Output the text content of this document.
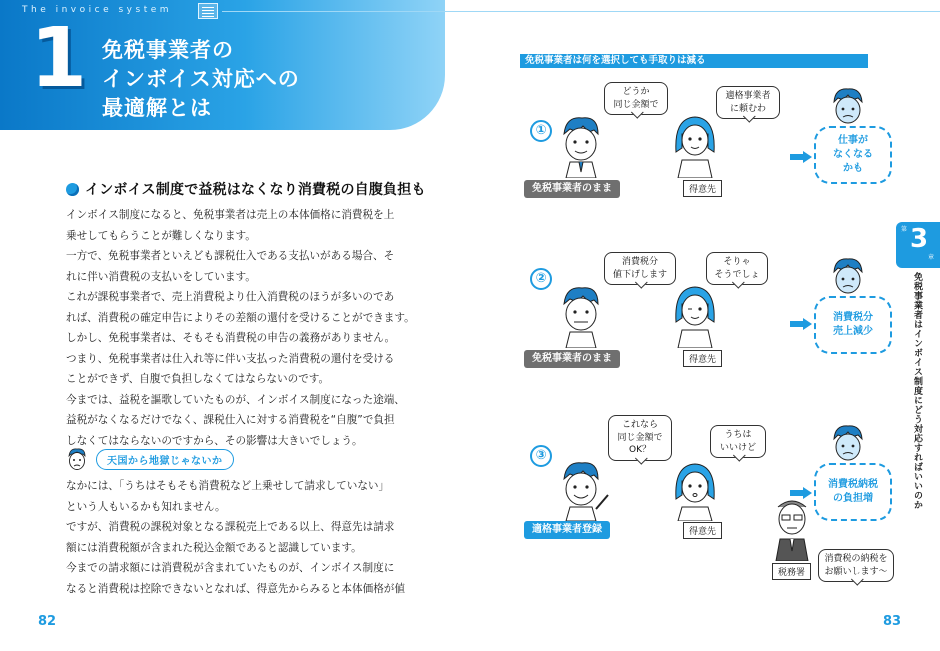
The invoice system
1 免税事業者の
インボイス対応への
最適解とは
インボイス制度で益税はなくなり消費税の自腹負担も

インボイス制度になると、免税事業者は売上の本体価格に消費税を上

乗せしてもらうことが難しくなります。

一方で、免税事業者といえども課税仕入である支払いがある場合、そ

れに伴い消費税の支払いをしています。

これが課税事業者で、売上消費税より仕入消費税のほうが多いのであ

れば、消費税の確定申告によりその差額の還付を受けることができます。

しかし、免税事業者は、そもそも消費税の申告の義務がありません。

つまり、免税事業者は仕入れ等に伴い支払った消費税の還付を受ける

ことができず、自腹で負担しなくてはならないのです。

今までは、益税を謳歌していたものが、インボイス制度になった途端、

益税がなくなるだけでなく、課税仕入に対する消費税を“自腹”で負担

しなくてはならないのですから、その影響は大きいでしょう。

天国から地獄じゃないか

なかには、「うちはそもそも消費税など上乗せして請求していない」

という人もいるかも知れません。

ですが、消費税の課税対象となる課税売上である以上、得意先は請求

額には消費税額が含まれた税込金額であると認識しています。

今までの請求額には消費税が含まれていたものが、インボイス制度に

なると消費税は控除できないとなれば、得意先からみると本体価格が値

82
免税事業者は何を選択しても手取りは減る
第 3
章
免税事業者はインボイス制度にどう対応すればいいのか
①

どうか

同じ金額で

適格事業者

に頼むわ

免税事業者のまま	得意先

仕事が

なくなる

かも

②

消費税分

値下げします

そりゃ

そうでしょ

免税事業者のまま	得意先

消費税分

売上減少

③

これなら

同じ金額で

OK？

うちは

いいけど

適格事業者登録	得意先
税務署

消費税の納税を

お願いします～

消費税納税

の負担増

83
